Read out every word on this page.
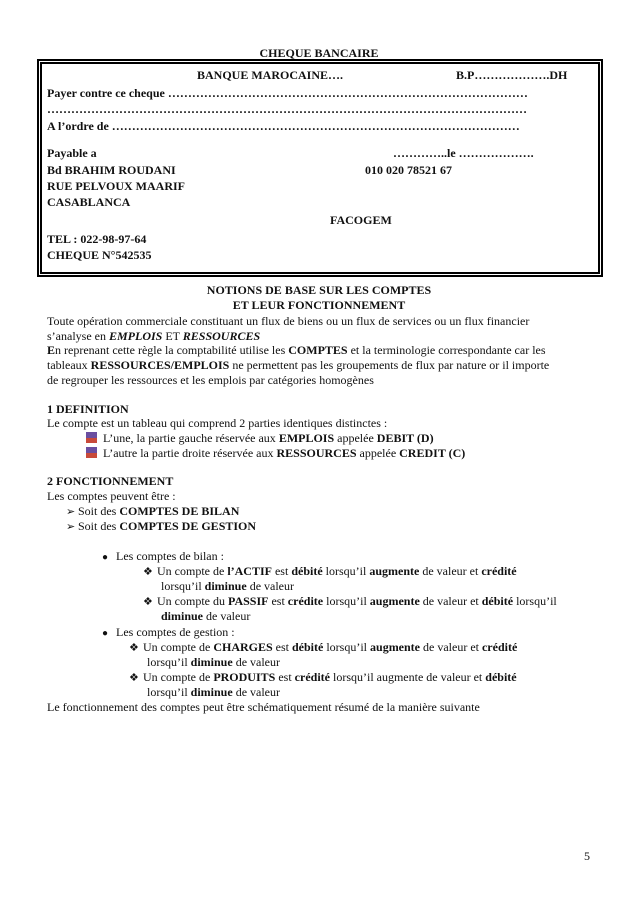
CHEQUE BANCAIRE
BANQUE MAROCAINE….	B.P……………….DH
Payer contre ce cheque ………………………………………………………………………………
…………………………………………………………………………………………………………
A l’ordre de …………………………………………………………………………………………
Payable a	…………..le ……………….
Bd BRAHIM ROUDANI	010 020 78521 67
RUE PELVOUX MAARIF
CASABLANCA
FACOGEM
TEL : 022-98-97-64
CHEQUE N°542535
NOTIONS DE BASE SUR LES COMPTES
ET LEUR FONCTIONNEMENT
Toute opération commerciale constituant un flux de biens ou un flux de services ou un flux financier
s’analyse en EMPLOIS ET RESSOURCES
En reprenant cette règle la comptabilité utilise les COMPTES et la terminologie correspondante car les
tableaux RESSOURCES/EMPLOIS ne permettent pas les groupements de flux par nature or il importe
de regrouper les ressources et les emplois par catégories homogènes
1 DEFINITION
Le compte est un tableau qui comprend 2 parties identiques distinctes :
L’une, la partie gauche réservée aux EMPLOIS appelée DEBIT (D)
L’autre la partie droite réservée aux RESSOURCES appelée CREDIT (C)
2 FONCTIONNEMENT
Les comptes peuvent être :
➢ Soit des COMPTES DE BILAN
➢ Soit des COMPTES DE GESTION
● Les comptes de bilan :
❖ Un compte de l’ACTIF est débité lorsqu’il augmente de valeur et crédité
lorsqu’il diminue de valeur
❖ Un compte du PASSIF est crédite lorsqu’il augmente de valeur et débité lorsqu’il
diminue de valeur
● Les comptes de gestion :
❖ Un compte de CHARGES est débité lorsqu’il augmente de valeur et crédité
lorsqu’il diminue de valeur
❖ Un compte de PRODUITS est crédité lorsqu’il augmente de valeur et débité
lorsqu’il diminue de valeur
Le fonctionnement des comptes peut être schématiquement résumé de la manière suivante
5
